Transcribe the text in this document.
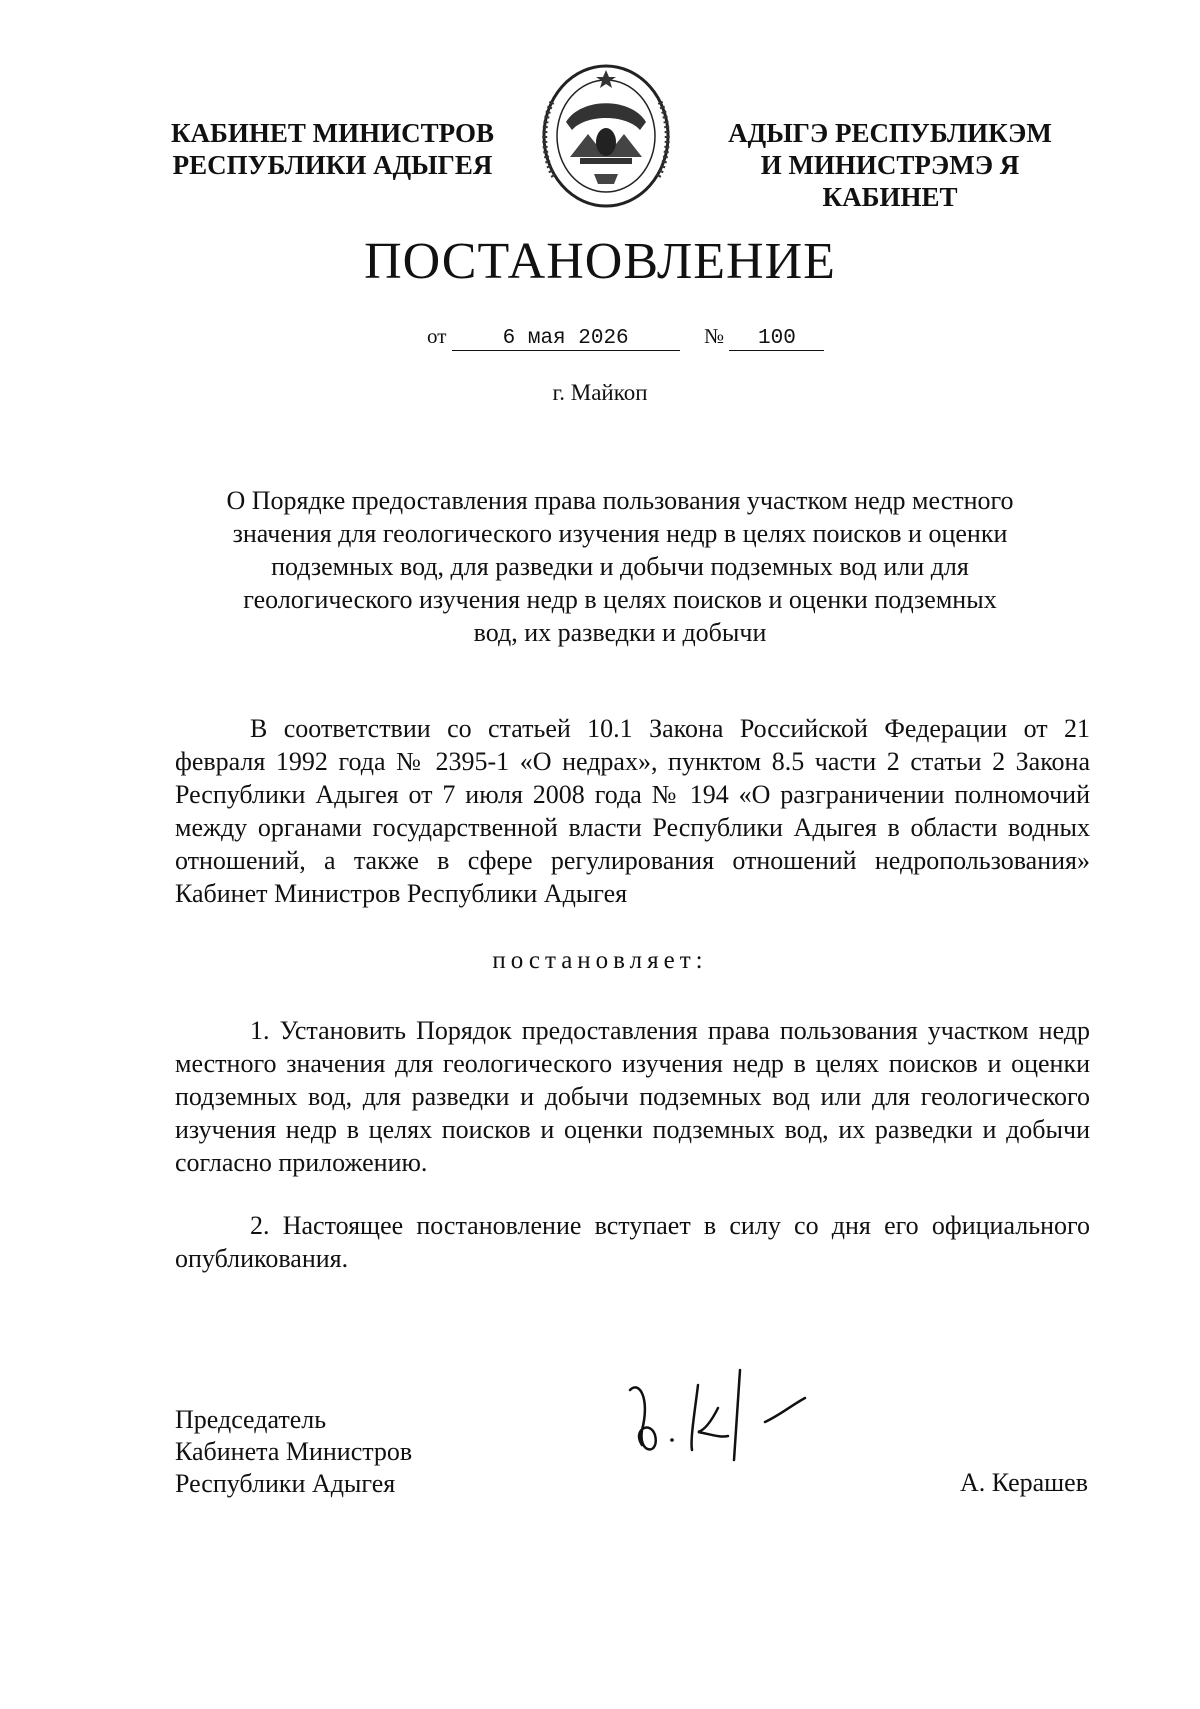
КАБИНЕТ МИНИСТРОВ
РЕСПУБЛИКИ АДЫГЕЯ
АДЫГЭ РЕСПУБЛИКЭМ
И МИНИСТРЭМЭ Я КАБИНЕТ
ПОСТАНОВЛЕНИЕ
от	6 мая 2026	№ 100
г. Майкоп
О Порядке предоставления права пользования участком недр местного значения для геологического изучения недр в целях поисков и оценки подземных вод, для разведки и добычи подземных вод или для геологического изучения недр в целях поисков и оценки подземных вод, их разведки и добычи
В соответствии со статьей 10.1 Закона Российской Федерации от 21 февраля 1992 года № 2395-1 «О недрах», пунктом 8.5 части 2 статьи 2 Закона Республики Адыгея от 7 июля 2008 года № 194 «О разграничении полномочий между органами государственной власти Республики Адыгея в области водных отношений, а также в сфере регулирования отношений недропользования» Кабинет Министров Республики Адыгея
постановляет:
1. Установить Порядок предоставления права пользования участком недр местного значения для геологического изучения недр в целях поисков и оценки подземных вод, для разведки и добычи подземных вод или для геологического изучения недр в целях поисков и оценки подземных вод, их разведки и добычи согласно приложению.
2. Настоящее постановление вступает в силу со дня его официального опубликования.
Председатель
Кабинета Министров
Республики Адыгея	А. Керашев
